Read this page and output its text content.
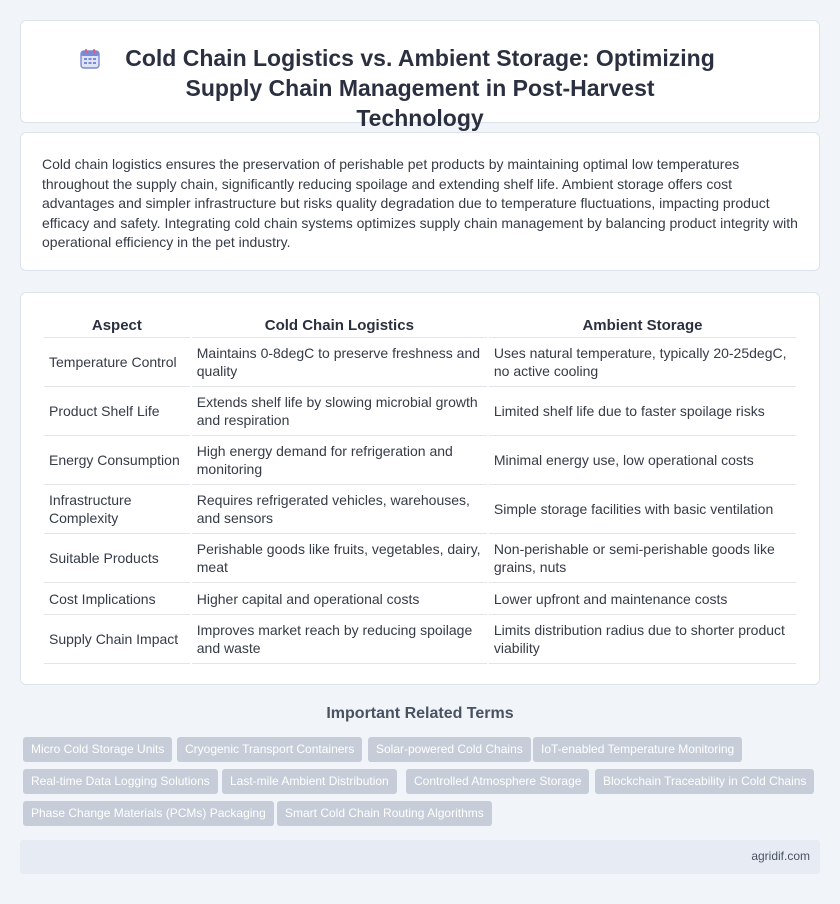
Cold Chain Logistics vs. Ambient Storage: Optimizing Supply Chain Management in Post-Harvest Technology

Cold chain logistics ensures the preservation of perishable pet products by maintaining optimal low temperatures throughout the supply chain, significantly reducing spoilage and extending shelf life. Ambient storage offers cost advantages and simpler infrastructure but risks quality degradation due to temperature fluctuations, impacting product efficacy and safety. Integrating cold chain systems optimizes supply chain management by balancing product integrity with operational efficiency in the pet industry.

Aspect	Cold Chain Logistics	Ambient Storage
Temperature Control	Maintains 0-8degC to preserve freshness and quality	Uses natural temperature, typically 20-25degC, no active cooling
Product Shelf Life	Extends shelf life by slowing microbial growth and respiration	Limited shelf life due to faster spoilage risks
Energy Consumption	High energy demand for refrigeration and monitoring	Minimal energy use, low operational costs
Infrastructure Complexity	Requires refrigerated vehicles, warehouses, and sensors	Simple storage facilities with basic ventilation
Suitable Products	Perishable goods like fruits, vegetables, dairy, meat	Non-perishable or semi-perishable goods like grains, nuts
Cost Implications	Higher capital and operational costs	Lower upfront and maintenance costs
Supply Chain Impact	Improves market reach by reducing spoilage and waste	Limits distribution radius due to shorter product viability
Important Related Terms
Micro Cold Storage Units	Cryogenic Transport Containers	Solar-powered Cold Chains	IoT-enabled Temperature Monitoring
Real-time Data Logging Solutions	Last-mile Ambient Distribution	Controlled Atmosphere Storage	Blockchain Traceability in Cold Chains
Phase Change Materials (PCMs) Packaging	Smart Cold Chain Routing Algorithms
agridif.com
